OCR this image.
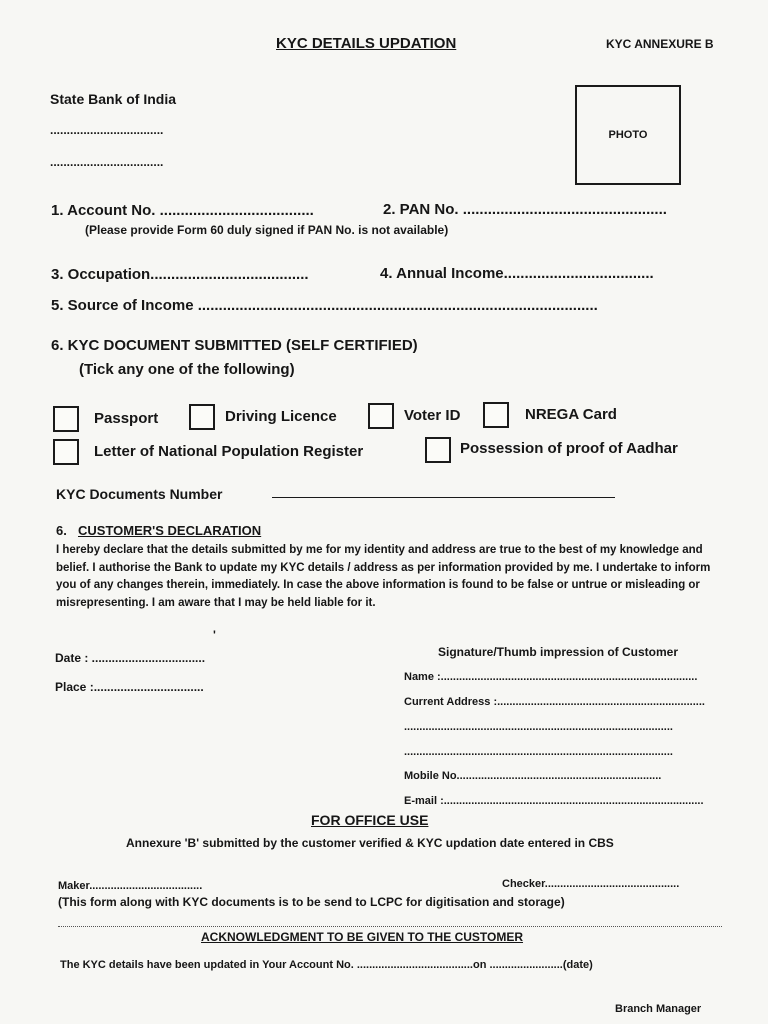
KYC DETAILS UPDATION	KYC ANNEXURE B
State Bank of India
..................................
..................................
PHOTO
1. Account No. .....................................	2. PAN No. .................................................
(Please provide Form 60 duly signed if PAN No. is not available)
3. Occupation......................................	4. Annual Income....................................
5. Source of Income ................................................................................................
6. KYC DOCUMENT SUBMITTED (SELF CERTIFIED)
(Tick any one of the following)
Passport	Driving Licence	Voter ID	NREGA Card
Letter of National Population Register	Possession of proof of Aadhar
KYC Documents Number
6. CUSTOMER'S DECLARATION
I hereby declare that the details submitted by me for my identity and address are true to the best of my knowledge and belief. I authorise the Bank to update my KYC details / address as per information provided by me. I undertake to inform you of any changes therein, immediately. In case the above information is found to be false or untrue or misleading or misrepresenting. I am aware that I may be held liable for it.
'
Date : ..................................
Place :.................................
Signature/Thumb impression of Customer
Name :....................................................................................
Current Address :....................................................................
........................................................................................
........................................................................................
Mobile No...................................................................
E-mail :.....................................................................................
FOR OFFICE USE
Annexure 'B' submitted by the customer verified & KYC updation date entered in CBS
Maker.....................................	Checker............................................
(This form along with KYC documents is to be send to LCPC for digitisation and storage)
ACKNOWLEDGMENT TO BE GIVEN TO THE CUSTOMER
The KYC details have been updated in Your Account No. ......................................on ........................(date)
Branch Manager
